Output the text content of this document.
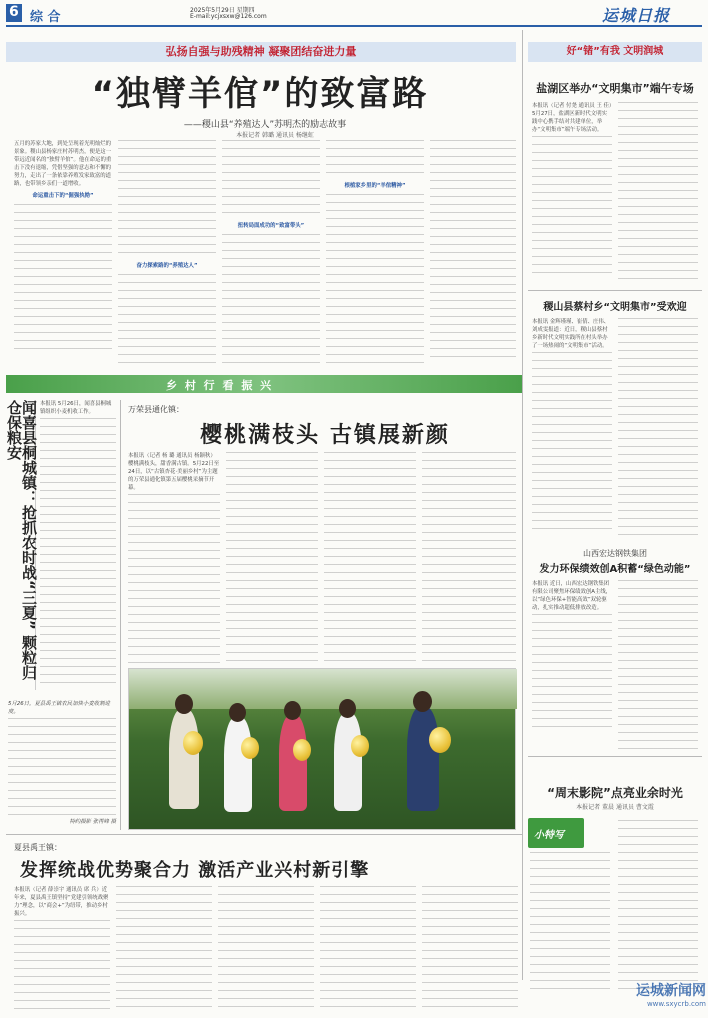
6 综 合	2025年5月29日 星期四
E-mail:ycjxsxw@126.com	运城日报
弘扬自强与助残精神 凝聚团结奋进力量
“独臂羊倌”的致富路
——稷山县“养殖达人”苏明杰的励志故事
本报记者 韩璐 通讯员 杨继虹
五月的苏家大地，到处呈现着光明灿烂的景象。稷山县杨家庄村苏明杰，便是这一带远近闻名的“独臂羊倌”。他在命运的重击下没有退缩，凭借坚强的意志和不懈的努力，走出了一条依靠养殖发家致富的道路，也带领乡亲们一道增收。
命运重击下的“倔强执拗”
奋力探索路的“养殖达人”
扭转局面成功的“致富带头”
根植家乡里的“羊倌精神”
好“锗”有我 文明润城
盐湖区举办“文明集市”端午专场
本报讯（记者 付尧 通讯员 王 佳）5月27日，盐湖区新时代文明实践中心携手结对共建单位，举办“文明集市”端午专场活动。
稷山县蔡村乡“文明集市”受欢迎
本报讯 金辉瑾瑾、崔倩、庄伟、刘成雯报道：近日，稷山县蔡村乡新时代文明实践所在村头举办了一场热闹的“文明集市”活动。
乡 村 行 看 振 兴
闻喜县桐城镇：抢抓农时战“三夏” 颗粒归仓保粮安	本报讯 5月26日，闻喜县桐城镇组织小麦机收工作。
5月26日，夏县禹王镇农民加快小麦收割进度。
特约摄影 张再峰 摄
万荣县通化镇：
樱桃满枝头 古镇展新颜
本报讯（记者 杨 璐 通讯员 杨颖秋）樱桃满枝头，甜香满古镇。5月22日至24日，以“古镇杏花·美丽乡村”为主题的万荣县通化镇第五届樱桃采摘节开幕。
山西宏达钢铁集团
发力环保绩效创A积蓄“绿色动能”
本报讯 近日，山西宏达钢铁集团有限公司聚焦环保绩效创A主线，以“绿色环保+智能高效”双轮驱动，扎实推动超低排放改造。
夏县禹王镇：
发挥统战优势聚合力 激活产业兴村新引擎
本报讯（记者 薛崇宇 通讯员 席 兵）近年来，夏县禹王镇坚持“党建引领统战聚力”理念，以“商会+”为纽带，推动乡村振兴。
“周末影院”点亮业余时光
本报记者 董晨 通讯员 曹文霞
小特写
运城新闻网
www.sxycrb.com
